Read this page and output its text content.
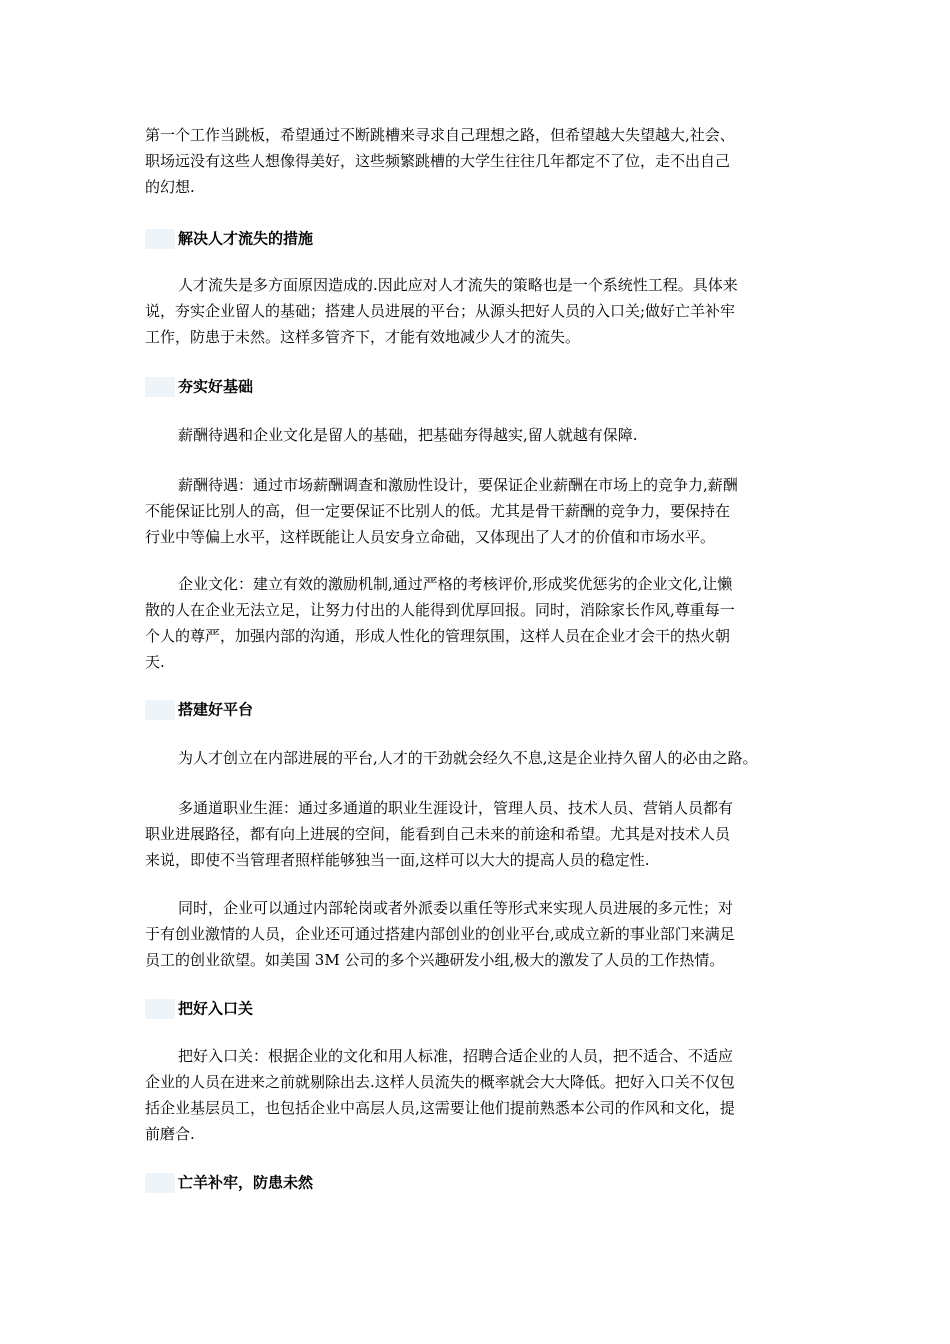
第一个工作当跳板，希望通过不断跳槽来寻求自己理想之路，但希望越大失望越大,社会、
职场远没有这些人想像得美好，这些频繁跳槽的大学生往往几年都定不了位，走不出自己
的幻想.
解决人才流失的措施
人才流失是多方面原因造成的.因此应对人才流失的策略也是一个系统性工程。具体来
说，夯实企业留人的基础；搭建人员进展的平台；从源头把好人员的入口关;做好亡羊补牢
工作，防患于未然。这样多管齐下，才能有效地减少人才的流失。
夯实好基础
薪酬待遇和企业文化是留人的基础，把基础夯得越实,留人就越有保障.
薪酬待遇：通过市场薪酬调查和激励性设计，要保证企业薪酬在市场上的竞争力,薪酬
不能保证比别人的高，但一定要保证不比别人的低。尤其是骨干薪酬的竞争力，要保持在
行业中等偏上水平，这样既能让人员安身立命础，又体现出了人才的价值和市场水平。
企业文化：建立有效的激励机制,通过严格的考核评价,形成奖优惩劣的企业文化,让懒
散的人在企业无法立足，让努力付出的人能得到优厚回报。同时，消除家长作风,尊重每一
个人的尊严，加强内部的沟通，形成人性化的管理氛围，这样人员在企业才会干的热火朝
天.
搭建好平台
为人才创立在内部进展的平台,人才的干劲就会经久不息,这是企业持久留人的必由之路。
多通道职业生涯：通过多通道的职业生涯设计，管理人员、技术人员、营销人员都有
职业进展路径，都有向上进展的空间，能看到自己未来的前途和希望。尤其是对技术人员
来说，即使不当管理者照样能够独当一面,这样可以大大的提高人员的稳定性.
同时，企业可以通过内部轮岗或者外派委以重任等形式来实现人员进展的多元性；对
于有创业激情的人员，企业还可通过搭建内部创业的创业平台,或成立新的事业部门来满足
员工的创业欲望。如美国 3M 公司的多个兴趣研发小组,极大的激发了人员的工作热情。
把好入口关
把好入口关：根据企业的文化和用人标准，招聘合适企业的人员，把不适合、不适应
企业的人员在进来之前就剔除出去.这样人员流失的概率就会大大降低。把好入口关不仅包
括企业基层员工，也包括企业中高层人员,这需要让他们提前熟悉本公司的作风和文化，提
前磨合.
亡羊补牢，防患未然
